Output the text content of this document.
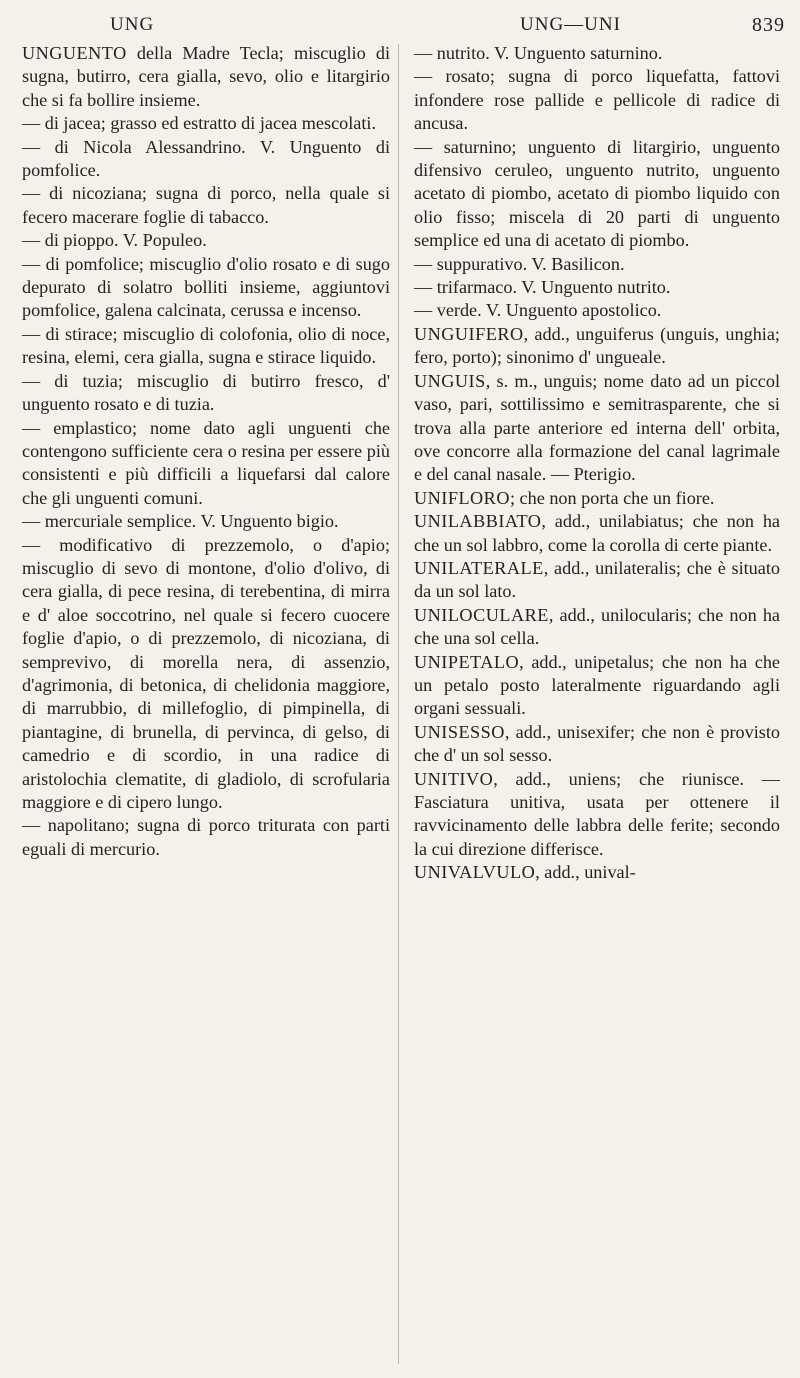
UNG	UNG—UNI	839

UNGUENTO della Madre Tecla; miscuglio di sugna, butirro, cera gialla, sevo, olio e litargirio che si fa bollire insieme.

— di jacea; grasso ed estratto di jacea mescolati.

— di Nicola Alessandrino. V. Unguento di pomfolice.

— di nicoziana; sugna di porco, nella quale si fecero macerare foglie di tabacco.

— di pioppo. V. Populeo.

— di pomfolice; miscuglio d'olio rosato e di sugo depurato di solatro bolliti insieme, aggiuntovi pomfolice, galena calcinata, cerussa e incenso.

— di stirace; miscuglio di colofonia, olio di noce, resina, elemi, cera gialla, sugna e stirace liquido.

— di tuzia; miscuglio di butirro fresco, d' unguento rosato e di tuzia.

— emplastico; nome dato agli unguenti che contengono sufficiente cera o resina per essere più consistenti e più difficili a liquefarsi dal calore che gli unguenti comuni.

— mercuriale semplice. V. Unguento bigio.

— modificativo di prezzemolo, o d'apio; miscuglio di sevo di montone, d'olio d'olivo, di cera gialla, di pece resina, di terebentina, di mirra e d' aloe soccotrino, nel quale si fecero cuocere foglie d'apio, o di prezzemolo, di nicoziana, di semprevivo, di morella nera, di assenzio, d'agrimonia, di betonica, di chelidonia maggiore, di marrubbio, di millefoglio, di pimpinella, di piantagine, di brunella, di pervinca, di gelso, di camedrio e di scordio, in una radice di aristolochia clematite, di gladiolo, di scrofularia maggiore e di cipero lungo.

— napolitano; sugna di porco triturata con parti eguali di mercurio.

— nutrito. V. Unguento saturnino.

— rosato; sugna di porco liquefatta, fattovi infondere rose pallide e pellicole di radice di ancusa.

— saturnino; unguento di litargirio, unguento difensivo cerulеo, unguento nutrito, unguento acetato di piombo, acetato di piombo liquido con olio fisso; miscela di 20 parti di unguento semplice ed una di acetato di piombo.

— suppurativo. V. Basilicon.

— trifarmaco. V. Unguento nutrito.

— verde. V. Unguento apostolico.

UNGUIFERO, add., unguiferus (unguis, unghia; fero, porto); sinonimo d' ungueale.

UNGUIS, s. m., unguis; nome dato ad un piccol vaso, pari, sottilissimo e semitrasparente, che si trova alla parte anteriore ed interna dell' orbita, ove concorre alla formazione del canal lagrimale e del canal nasale. — Pterigio.

UNIFLORO; che non porta che un fiore.

UNILABBIATO, add., unilabiatus; che non ha che un sol labbro, come la corolla di certe piante.

UNILATERALE, add., unilateralis; che è situato da un sol lato.

UNILOCULARE, add., unilocularis; che non ha che una sol cella.

UNIPETALO, add., unipetalus; che non ha che un petalo posto lateralmente riguardando agli organi sessuali.

UNISESSO, add., unisexifer; che non è provisto che d' un sol sesso.

UNITIVO, add., uniens; che riunisce. — Fasciatura unitiva, usata per ottenere il ravvicinamento delle labbra delle ferite; secondo la cui direzione differisce.

UNIVALVULO, add., unival-
